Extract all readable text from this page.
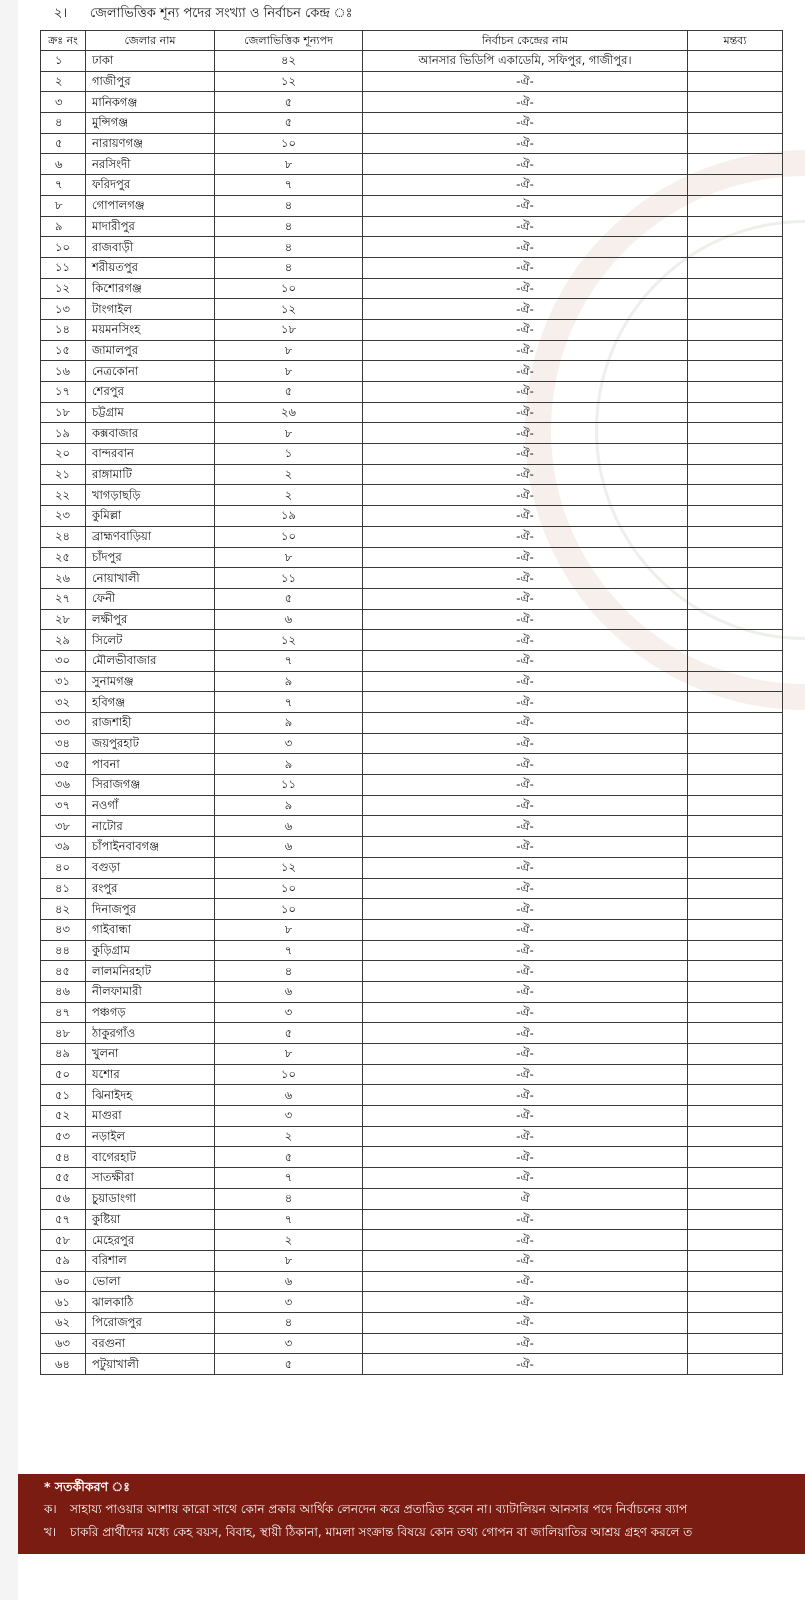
২। জেলাভিত্তিক শূন্য পদের সংখ্যা ও নির্বাচন কেন্দ্র ঃ
ক্রঃ নং	জেলার নাম	জেলাভিত্তিক শূন্যপদ	নির্বাচন কেন্দ্রের নাম	মন্তব্য
১	ঢাকা	৪২	আনসার ভিডিপি একাডেমি, সফিপুর, গাজীপুর।	
২	গাজীপুর	১২	-ঐ-	
৩	মানিকগঞ্জ	৫	-ঐ-	
৪	মুন্সিগঞ্জ	৫	-ঐ-	
৫	নারায়ণগঞ্জ	১০	-ঐ-	
৬	নরসিংদী	৮	-ঐ-	
৭	ফরিদপুর	৭	-ঐ-	
৮	গোপালগঞ্জ	৪	-ঐ-	
৯	মাদারীপুর	৪	-ঐ-	
১০	রাজবাড়ী	৪	-ঐ-	
১১	শরীয়তপুর	৪	-ঐ-	
১২	কিশোরগঞ্জ	১০	-ঐ-	
১৩	টাংগাইল	১২	-ঐ-	
১৪	ময়মনসিংহ	১৮	-ঐ-	
১৫	জামালপুর	৮	-ঐ-	
১৬	নেত্রকোনা	৮	-ঐ-	
১৭	শেরপুর	৫	-ঐ-	
১৮	চট্টগ্রাম	২৬	-ঐ-	
১৯	কক্সবাজার	৮	-ঐ-	
২০	বান্দরবান	১	-ঐ-	
২১	রাঙ্গামাটি	২	-ঐ-	
২২	খাগড়াছড়ি	২	-ঐ-	
২৩	কুমিল্লা	১৯	-ঐ-	
২৪	ব্রাহ্মণবাড়িয়া	১০	-ঐ-	
২৫	চাঁদপুর	৮	-ঐ-	
২৬	নোয়াখালী	১১	-ঐ-	
২৭	ফেনী	৫	-ঐ-	
২৮	লক্ষীপুর	৬	-ঐ-	
২৯	সিলেট	১২	-ঐ-	
৩০	মৌলভীবাজার	৭	-ঐ-	
৩১	সুনামগঞ্জ	৯	-ঐ-	
৩২	হবিগঞ্জ	৭	-ঐ-	
৩৩	রাজশাহী	৯	-ঐ-	
৩৪	জয়পুরহাট	৩	-ঐ-	
৩৫	পাবনা	৯	-ঐ-	
৩৬	সিরাজগঞ্জ	১১	-ঐ-	
৩৭	নওগাঁ	৯	-ঐ-	
৩৮	নাটোর	৬	-ঐ-	
৩৯	চাঁপাইনবাবগঞ্জ	৬	-ঐ-	
৪০	বগুড়া	১২	-ঐ-	
৪১	রংপুর	১০	-ঐ-	
৪২	দিনাজপুর	১০	-ঐ-	
৪৩	গাইবান্ধা	৮	-ঐ-	
৪৪	কুড়িগ্রাম	৭	-ঐ-	
৪৫	লালমনিরহাট	৪	-ঐ-	
৪৬	নীলফামারী	৬	-ঐ-	
৪৭	পঞ্চগড়	৩	-ঐ-	
৪৮	ঠাকুরগাঁও	৫	-ঐ-	
৪৯	খুলনা	৮	-ঐ-	
৫০	যশোর	১০	-ঐ-	
৫১	ঝিনাইদহ	৬	-ঐ-	
৫২	মাগুরা	৩	-ঐ-	
৫৩	নড়াইল	২	-ঐ-	
৫৪	বাগেরহাট	৫	-ঐ-	
৫৫	সাতক্ষীরা	৭	-ঐ-	
৫৬	চুয়াডাংগা	৪	ঐ	
৫৭	কুষ্টিয়া	৭	-ঐ-	
৫৮	মেহেরপুর	২	-ঐ-	
৫৯	বরিশাল	৮	-ঐ-	
৬০	ভোলা	৬	-ঐ-	
৬১	ঝালকাঠি	৩	-ঐ-	
৬২	পিরোজপুর	৪	-ঐ-	
৬৩	বরগুনা	৩	-ঐ-	
৬৪	পটুয়াখালী	৫	-ঐ-	
* সতর্কীকরণ ঃ
ক। সাহায্য পাওয়ার আশায় কারো সাথে কোন প্রকার আর্থিক লেনদেন করে প্রতারিত হবেন না। ব্যাটালিয়ন আনসার পদে নির্বাচনের ব্যাপ
খ। চাকরি প্রার্থীদের মধ্যে কেহ বয়স, বিবাহ, স্থায়ী ঠিকানা, মামলা সংক্রান্ত বিষয়ে কোন তথ্য গোপন বা জালিয়াতির আশ্রয় গ্রহণ করলে ত
